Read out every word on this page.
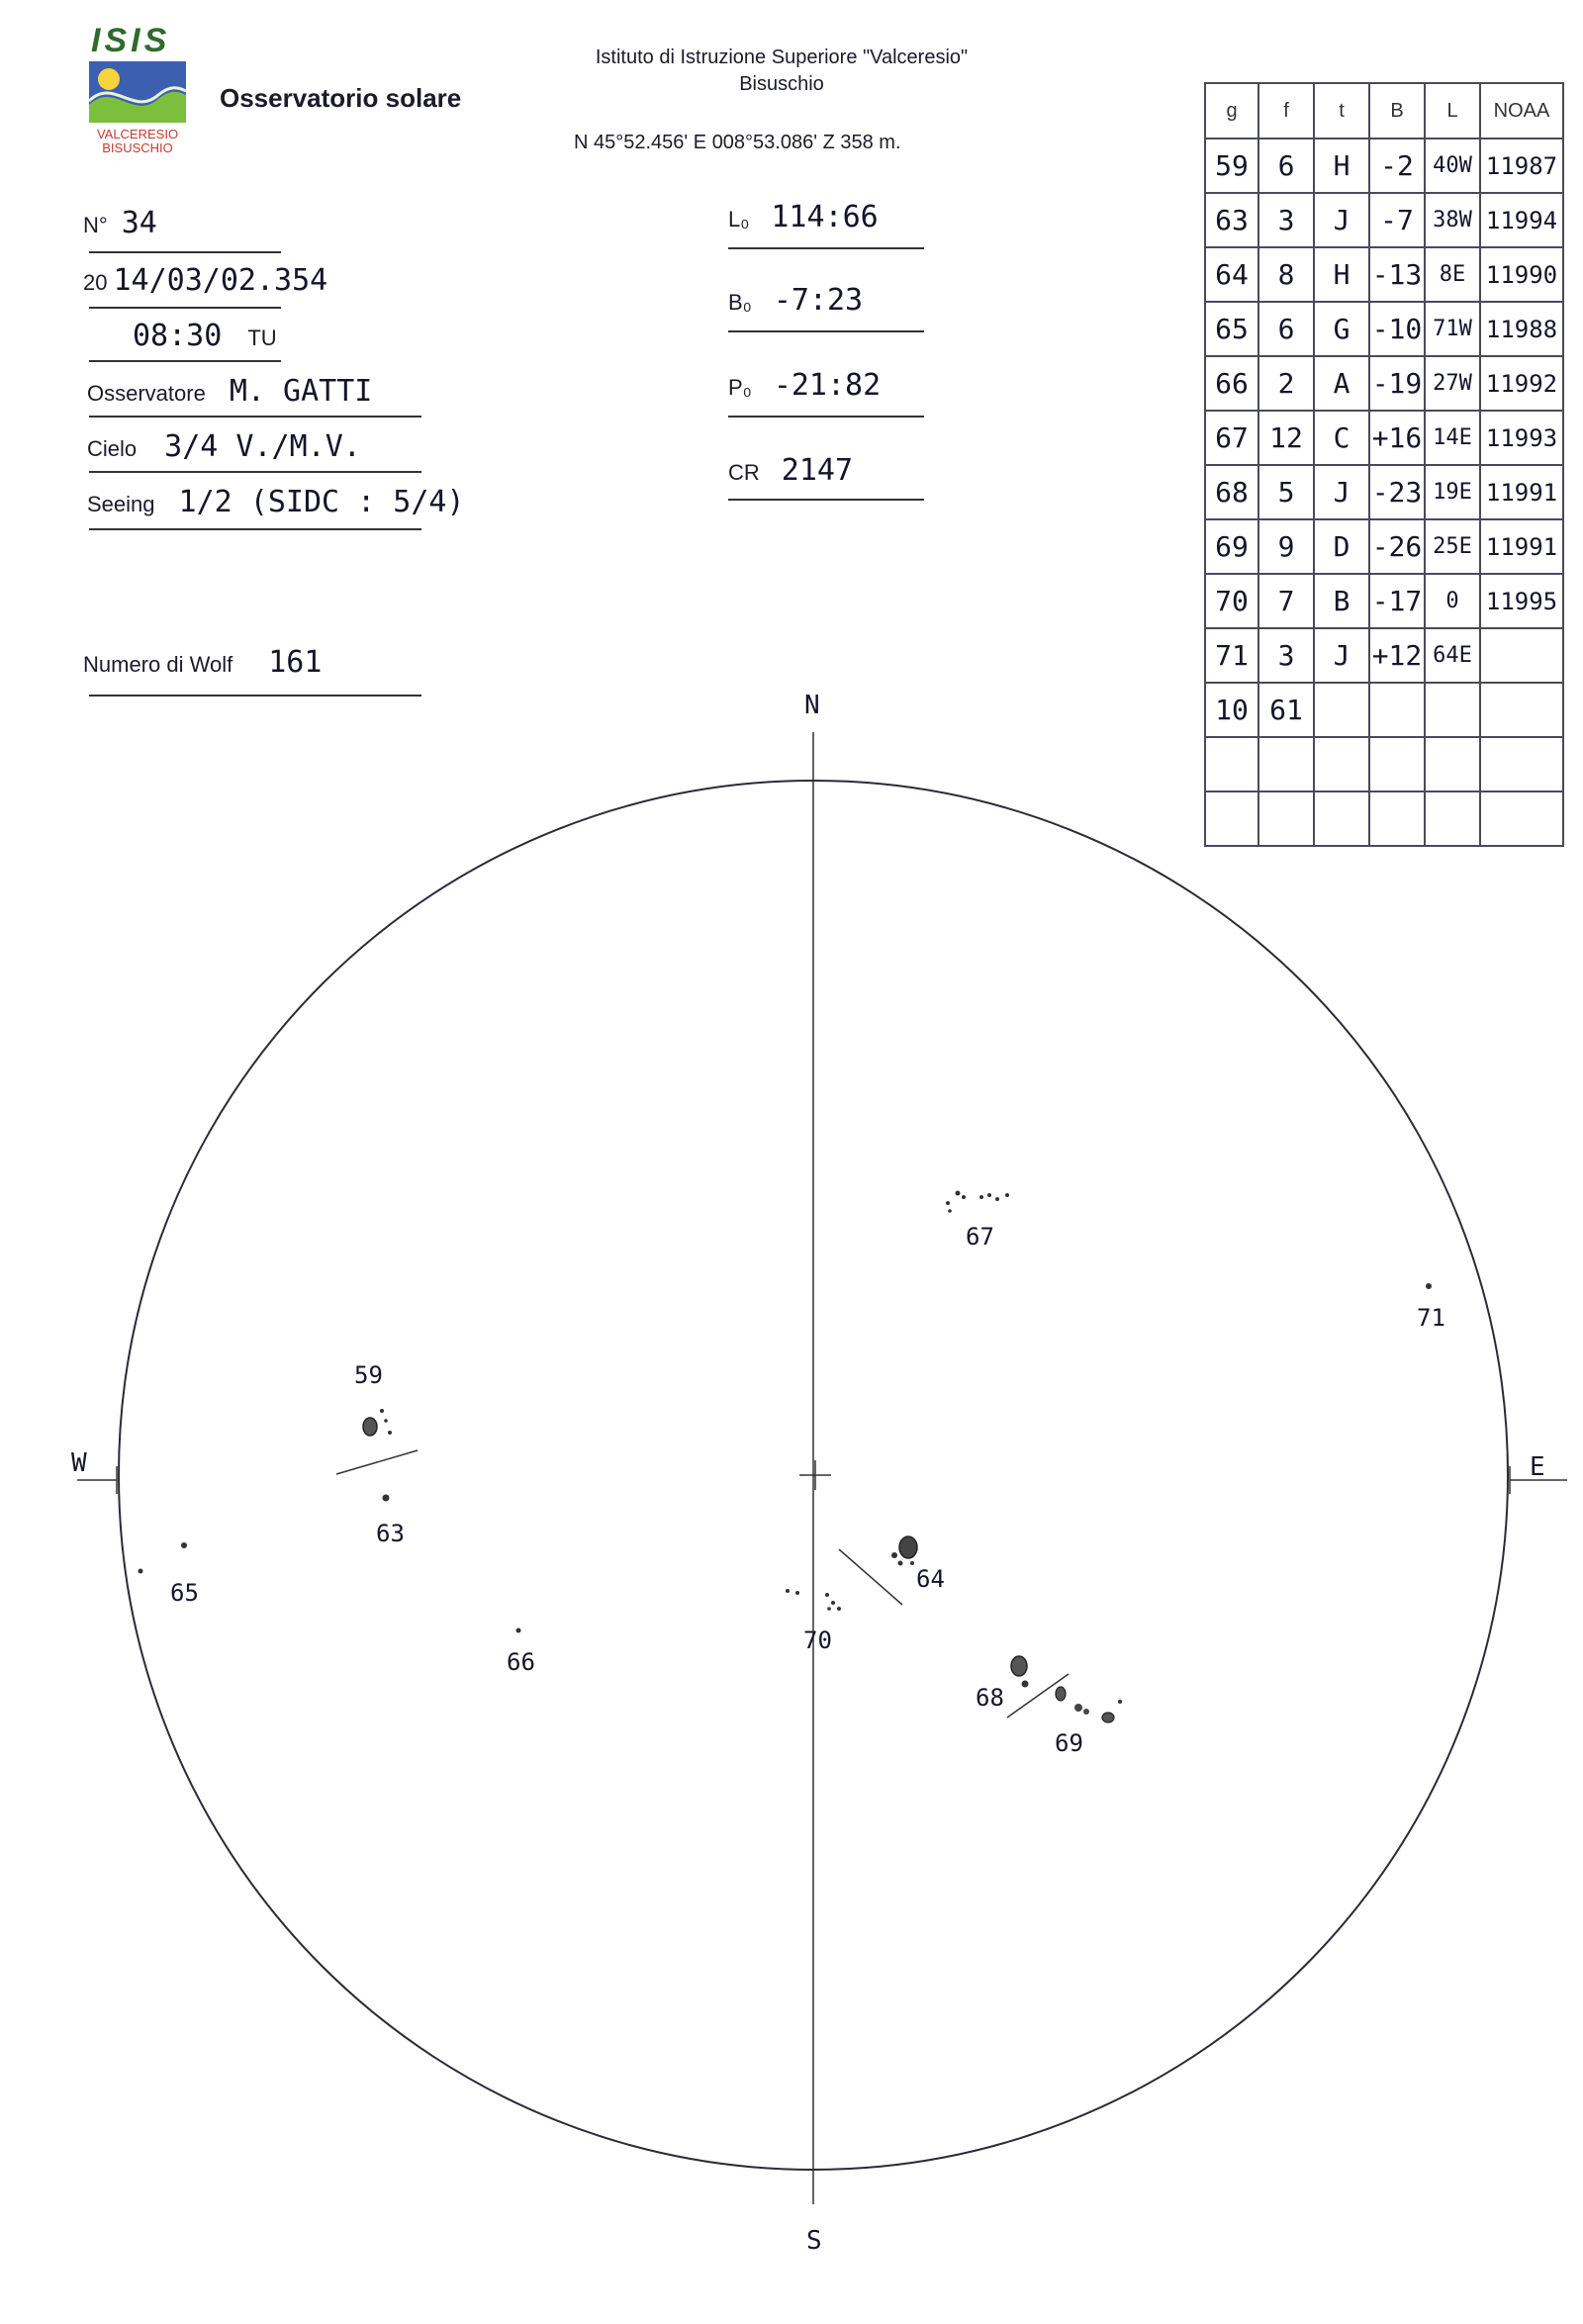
ISIS
VALCERESIO
BISUSCHIO
Osservatorio solare
Istituto di Istruzione Superiore "Valceresio"
Bisuschio
N 45°52.456' E 008°53.086' Z 358 m.
N° 34
20 14/03/02.354
08:30 TU
Osservatore M. GATTI
Cielo 3/4 V./M.V.
Seeing 1/2 (SIDC : 5/4)
Numero di Wolf 161
L₀ 114:66
B₀ -7:23
P₀ -21:82
CR 2147
g	f	t	B	L	NOAA
59	6	H	-2	40W	11987
63	3	J	-7	38W	11994
64	8	H	-13	8E	11990
65	6	G	-10	71W	11988
66	2	A	-19	27W	11992
67	12	C	+16	14E	11993
68	5	J	-23	19E	11991
69	9	D	-26	25E	11991
70	7	B	-17	0	11995
71	3	J	+12	64E	
10	61				

N
S
E
W
59
63
64
65
66
67
68
69
70
71
